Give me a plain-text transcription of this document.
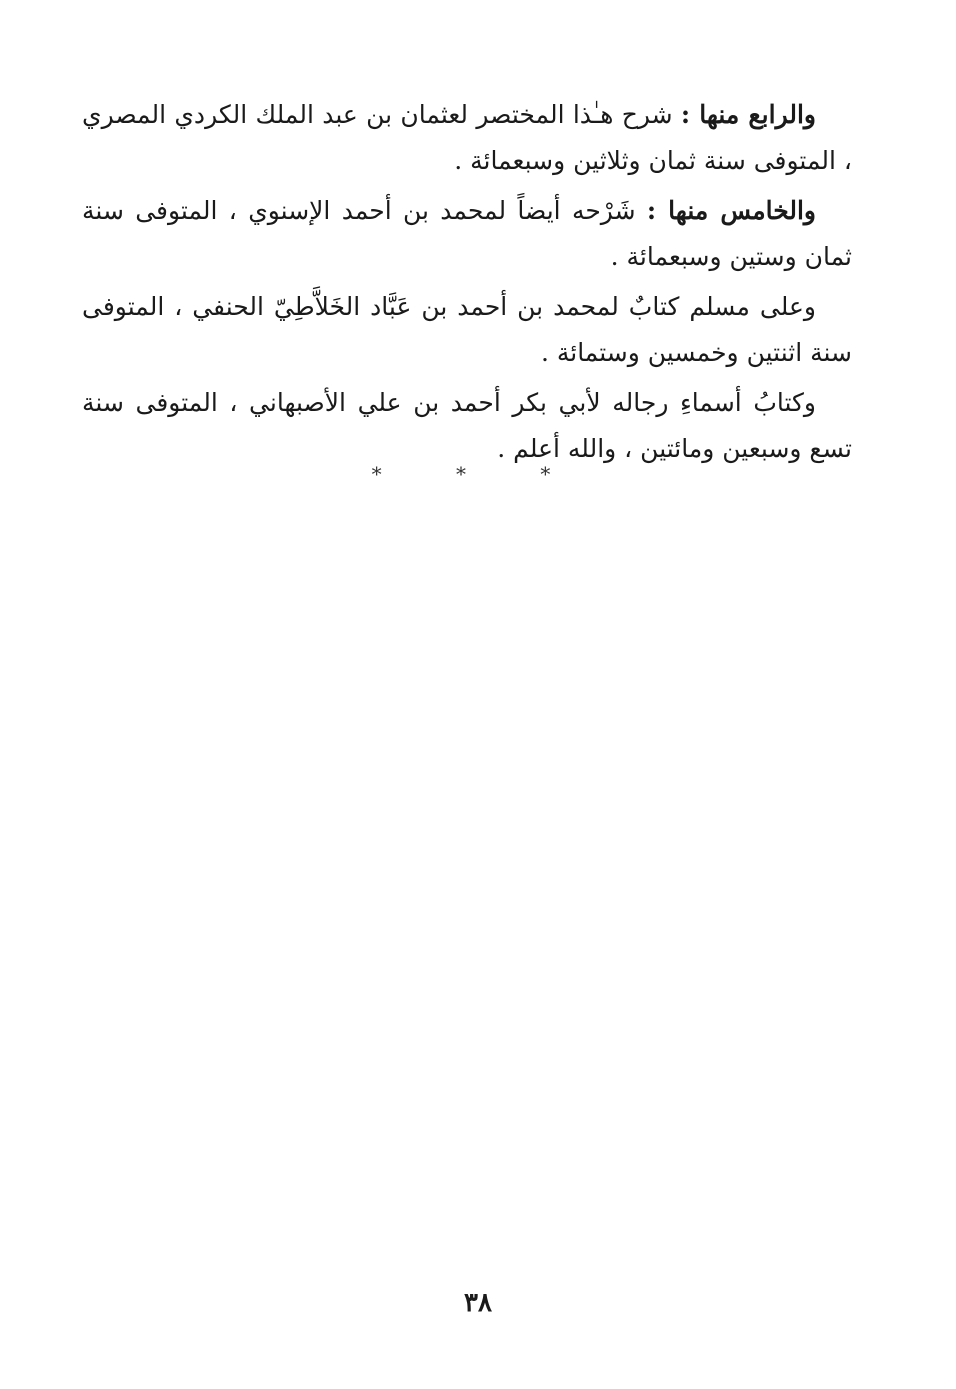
والرابع منها : شرح هـٰذا المختصر لعثمان بن عبد الملك الكردي المصري ، المتوفى سنة ثمان وثلاثين وسبعمائة .

والخامس منها : شَرْحه أيضاً لمحمد بن أحمد الإسنوي ، المتوفى سنة ثمان وستين وسبعمائة .

وعلى مسلم كتابٌ لمحمد بن أحمد بن عَبَّاد الخَلاَّطِيّ الحنفي ، المتوفى سنة اثنتين وخمسين وستمائة .

وكتابُ أسماءِ رجاله لأبي بكر أحمد بن علي الأصبهاني ، المتوفى سنة تسع وسبعين ومائتين ، والله أعلم .

* * *
٣٨
